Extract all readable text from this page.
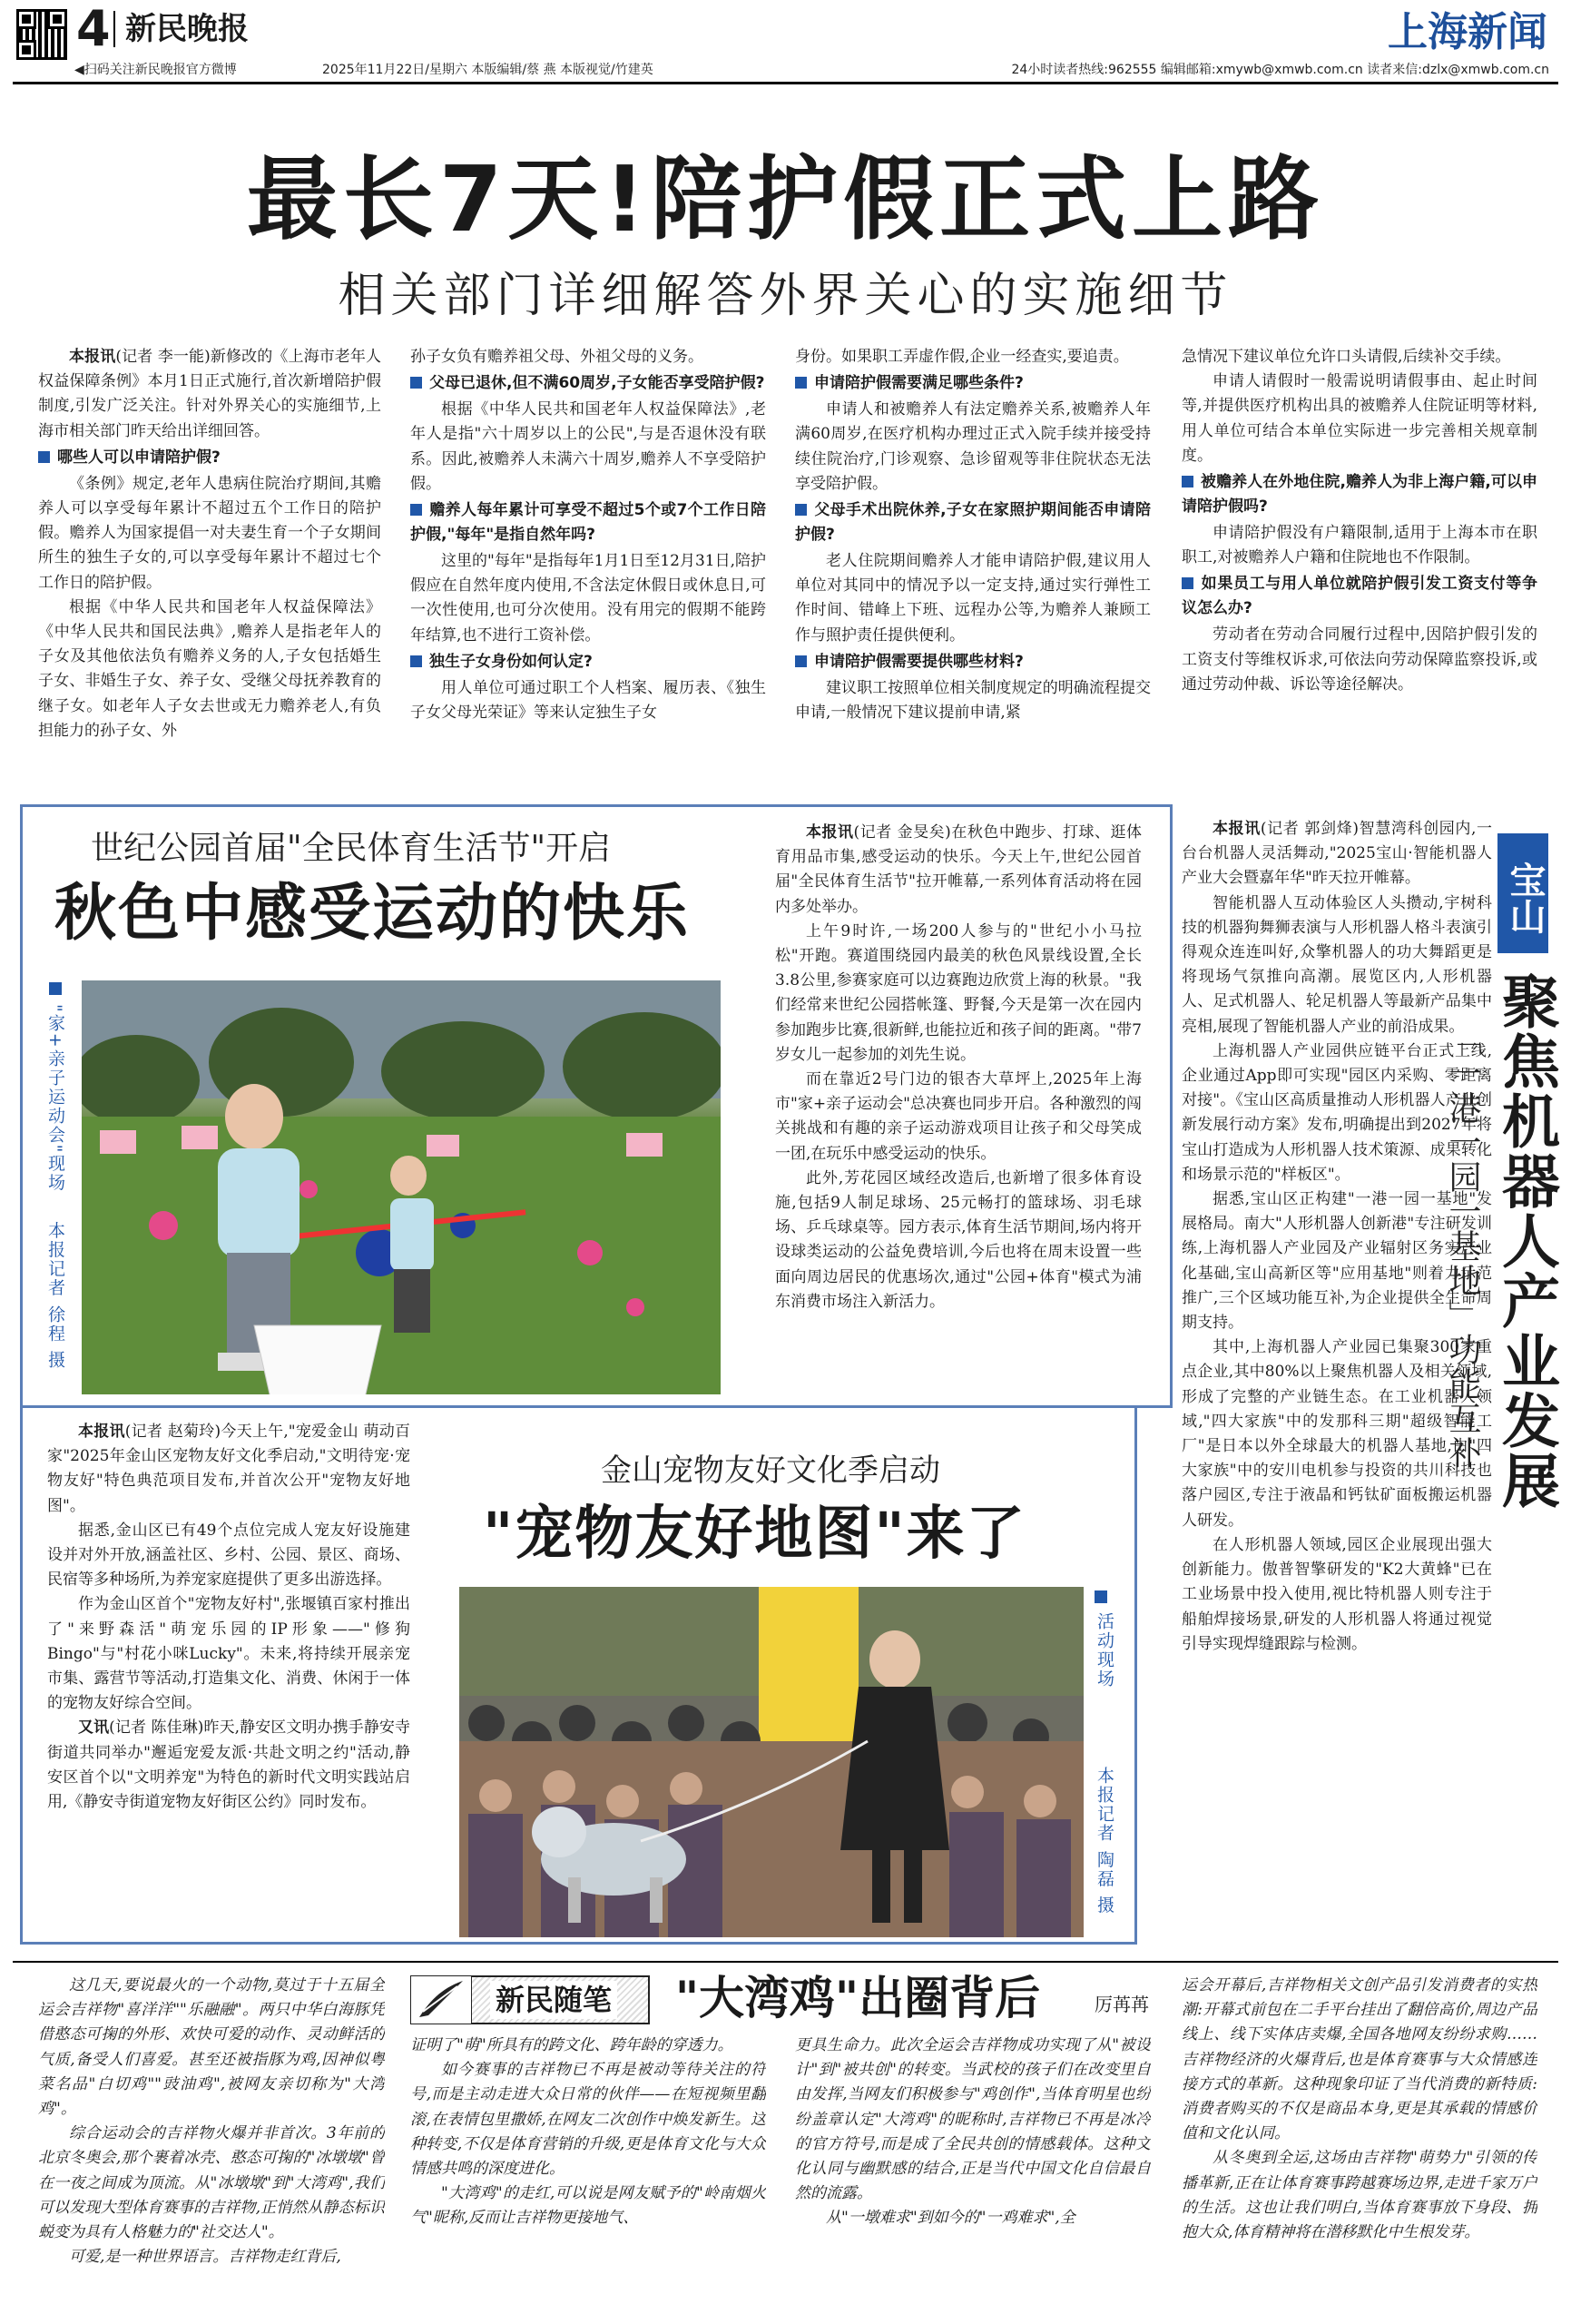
4 新民晚报	上海新闻
◀扫码关注新民晚报官方微博	2025年11月22日/星期六 本版编辑/蔡 燕 本版视觉/竹建英	24小时读者热线:962555 编辑邮箱:xmywb@xmwb.com.cn 读者来信:dzlx@xmwb.com.cn
最长7天!陪护假正式上路
相关部门详细解答外界关心的实施细节

本报讯(记者 李一能)新修改的《上海市老年人权益保障条例》本月1日正式施行,首次新增陪护假制度,引发广泛关注。针对外界关心的实施细节,上海市相关部门昨天给出详细回答。

哪些人可以申请陪护假?

《条例》规定,老年人患病住院治疗期间,其赡养人可以享受每年累计不超过五个工作日的陪护假。赡养人为国家提倡一对夫妻生育一个子女期间所生的独生子女的,可以享受每年累计不超过七个工作日的陪护假。

根据《中华人民共和国老年人权益保障法》《中华人民共和国民法典》,赡养人是指老年人的子女及其他依法负有赡养义务的人,子女包括婚生子女、非婚生子女、养子女、受继父母抚养教育的继子女。如老年人子女去世或无力赡养老人,有负担能力的孙子女、外

孙子女负有赡养祖父母、外祖父母的义务。

父母已退休,但不满60周岁,子女能否享受陪护假?

根据《中华人民共和国老年人权益保障法》,老年人是指"六十周岁以上的公民",与是否退休没有联系。因此,被赡养人未满六十周岁,赡养人不享受陪护假。

赡养人每年累计可享受不超过5个或7个工作日陪护假,"每年"是指自然年吗?

这里的"每年"是指每年1月1日至12月31日,陪护假应在自然年度内使用,不含法定休假日或休息日,可一次性使用,也可分次使用。没有用完的假期不能跨年结算,也不进行工资补偿。

独生子女身份如何认定?

用人单位可通过职工个人档案、履历表、《独生子女父母光荣证》等来认定独生子女

身份。如果职工弄虚作假,企业一经查实,要追责。

申请陪护假需要满足哪些条件?

申请人和被赡养人有法定赡养关系,被赡养人年满60周岁,在医疗机构办理过正式入院手续并接受持续住院治疗,门诊观察、急诊留观等非住院状态无法享受陪护假。

父母手术出院休养,子女在家照护期间能否申请陪护假?

老人住院期间赡养人才能申请陪护假,建议用人单位对其同中的情况予以一定支持,通过实行弹性工作时间、错峰上下班、远程办公等,为赡养人兼顾工作与照护责任提供便利。

申请陪护假需要提供哪些材料?

建议职工按照单位相关制度规定的明确流程提交申请,一般情况下建议提前申请,紧

急情况下建议单位允许口头请假,后续补交手续。

申请人请假时一般需说明请假事由、起止时间等,并提供医疗机构出具的被赡养人住院证明等材料,用人单位可结合本单位实际进一步完善相关规章制度。

被赡养人在外地住院,赡养人为非上海户籍,可以申请陪护假吗?

申请陪护假没有户籍限制,适用于上海本市在职职工,对被赡养人户籍和住院地也不作限制。

如果员工与用人单位就陪护假引发工资支付等争议怎么办?

劳动者在劳动合同履行过程中,因陪护假引发的工资支付等维权诉求,可依法向劳动保障监察投诉,或通过劳动仲裁、诉讼等途径解决。

世纪公园首届"全民体育生活节"开启
秋色中感受运动的快乐
"家+亲子运动会"现场  本报记者 徐程 摄

本报讯(记者 金旻矣)在秋色中跑步、打球、逛体育用品市集,感受运动的快乐。今天上午,世纪公园首届"全民体育生活节"拉开帷幕,一系列体育活动将在园内多处举办。

上午9时许,一场200人参与的"世纪小小马拉松"开跑。赛道围绕园内最美的秋色风景线设置,全长3.8公里,参赛家庭可以边赛跑边欣赏上海的秋景。"我们经常来世纪公园搭帐篷、野餐,今天是第一次在园内参加跑步比赛,很新鲜,也能拉近和孩子间的距离。"带7岁女儿一起参加的刘先生说。

而在靠近2号门边的银杏大草坪上,2025年上海市"家+亲子运动会"总决赛也同步开启。各种激烈的闯关挑战和有趣的亲子运动游戏项目让孩子和父母笑成一团,在玩乐中感受运动的快乐。

此外,芳花园区域经改造后,也新增了很多体育设施,包括9人制足球场、25元畅打的篮球场、羽毛球场、乒乓球桌等。园方表示,体育生活节期间,场内将开设球类运动的公益免费培训,今后也将在周末设置一些面向周边居民的优惠场次,通过"公园+体育"模式为浦东消费市场注入新活力。

本报讯(记者 赵菊玲)今天上午,"宠爱金山 萌动百家"2025年金山区宠物友好文化季启动,"文明待宠·宠物友好"特色典范项目发布,并首次公开"宠物友好地图"。

据悉,金山区已有49个点位完成人宠友好设施建设并对外开放,涵盖社区、乡村、公园、景区、商场、民宿等多种场所,为养宠家庭提供了更多出游选择。

作为金山区首个"宠物友好村",张堰镇百家村推出了"来野森活"萌宠乐园的IP形象——"修狗Bingo"与"村花小咪Lucky"。未来,将持续开展亲宠市集、露营节等活动,打造集文化、消费、休闲于一体的宠物友好综合空间。

又讯(记者 陈佳琳)昨天,静安区文明办携手静安寺街道共同举办"邂逅宠爱友派·共赴文明之约"活动,静安区首个以"文明养宠"为特色的新时代文明实践站启用,《静安寺街道宠物友好街区公约》同时发布。

金山宠物友好文化季启动
"宠物友好地图"来了
活动现场
本报记者 陶磊 摄

本报讯(记者 郭剑烽)智慧湾科创园内,一台台机器人灵活舞动,"2025宝山·智能机器人产业大会暨嘉年华"昨天拉开帷幕。

智能机器人互动体验区人头攒动,宇树科技的机器狗舞狮表演与人形机器人格斗表演引得观众连连叫好,众擎机器人的功大舞蹈更是将现场气氛推向高潮。展览区内,人形机器人、足式机器人、轮足机器人等最新产品集中亮相,展现了智能机器人产业的前沿成果。

上海机器人产业园供应链平台正式上线,企业通过App即可实现"园区内采购、零距离对接"。《宝山区高质量推动人形机器人产业创新发展行动方案》发布,明确提出到2027年将宝山打造成为人形机器人技术策源、成果转化和场景示范的"样板区"。

据悉,宝山区正构建"一港一园一基地"发展格局。南大"人形机器人创新港"专注研发训练,上海机器人产业园及产业辐射区务实产业化基础,宝山高新区等"应用基地"则着力示范推广,三个区域功能互补,为企业提供全生命周期支持。

其中,上海机器人产业园已集聚300家重点企业,其中80%以上聚焦机器人及相关领域,形成了完整的产业链生态。在工业机器人领域,"四大家族"中的发那科三期"超级智能工厂"是日本以外全球最大的机器人基地,由"四大家族"中的安川电机参与投资的共川科技也落户园区,专注于液晶和钙钛矿面板搬运机器人研发。

在人形机器人领域,园区企业展现出强大创新能力。傲普智擎研发的"K2大黄蜂"已在工业场景中投入使用,视比特机器人则专注于船舶焊接场景,研发的人形机器人将通过视觉引导实现焊缝跟踪与检测。

宝山
聚焦机器人产业发展
「一港一园一基地」功能互补
新民随笔 "大湾鸡"出圈背后	厉苒苒

这几天,要说最火的一个动物,莫过于十五届全运会吉祥物"喜洋洋""乐融融"。两只中华白海豚凭借憨态可掬的外形、欢快可爱的动作、灵动鲜活的气质,备受人们喜爱。甚至还被指豚为鸡,因神似粤菜名品"白切鸡""豉油鸡",被网友亲切称为"大湾鸡"。

综合运动会的吉祥物火爆并非首次。3年前的北京冬奥会,那个裹着冰壳、憨态可掬的"冰墩墩"曾在一夜之间成为顶流。从"冰墩墩"到"大湾鸡",我们可以发现大型体育赛事的吉祥物,正悄然从静态标识蜕变为具有人格魅力的"社交达人"。

可爱,是一种世界语言。吉祥物走红背后,

证明了"萌"所具有的跨文化、跨年龄的穿透力。

如今赛事的吉祥物已不再是被动等待关注的符号,而是主动走进大众日常的伙伴——在短视频里翻滚,在表情包里撒娇,在网友二次创作中焕发新生。这种转变,不仅是体育营销的升级,更是体育文化与大众情感共鸣的深度进化。

"大湾鸡"的走红,可以说是网友赋予的"岭南烟火气"昵称,反而让吉祥物更接地气、

更具生命力。此次全运会吉祥物成功实现了从"被设计"到"被共创"的转变。当武校的孩子们在改变里自由发挥,当网友们积极参与"鸡创作",当体育明星也纷纷盖章认定"大湾鸡"的昵称时,吉祥物已不再是冰冷的官方符号,而是成了全民共创的情感载体。这种文化认同与幽默感的结合,正是当代中国文化自信最自然的流露。

从"一墩难求"到如今的"一鸡难求",全

运会开幕后,吉祥物相关文创产品引发消费者的实热潮:开幕式前包在二手平台挂出了翻倍高价,周边产品线上、线下实体店卖爆,全国各地网友纷纷求购……吉祥物经济的火爆背后,也是体育赛事与大众情感连接方式的革新。这种现象印证了当代消费的新特质:消费者购买的不仅是商品本身,更是其承载的情感价值和文化认同。

从冬奥到全运,这场由吉祥物"萌势力"引领的传播革新,正在让体育赛事跨越赛场边界,走进千家万户的生活。这也让我们明白,当体育赛事放下身段、拥抱大众,体育精神将在潜移默化中生根发芽。
